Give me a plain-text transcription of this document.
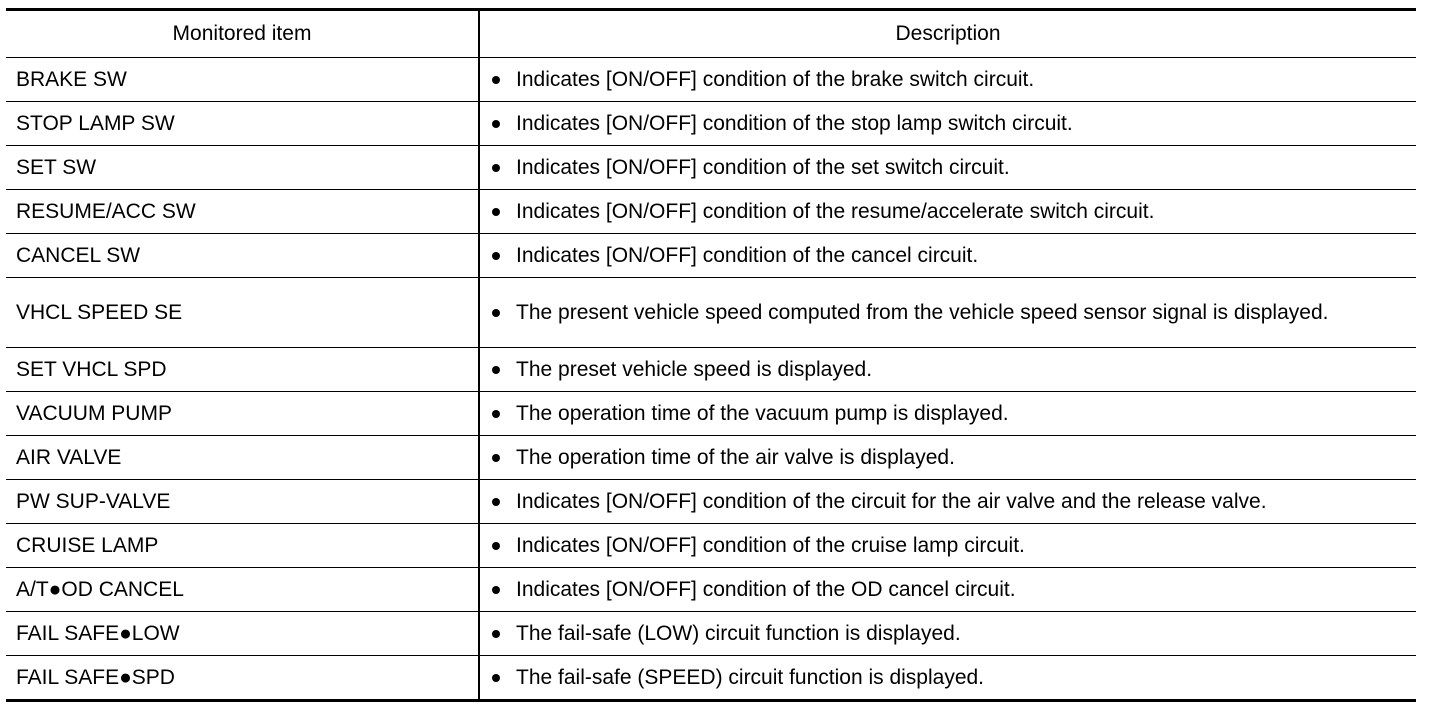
Monitored item	Description
BRAKE SW	Indicates [ON/OFF] condition of the brake switch circuit.
STOP LAMP SW	Indicates [ON/OFF] condition of the stop lamp switch circuit.
SET SW	Indicates [ON/OFF] condition of the set switch circuit.
RESUME/ACC SW	Indicates [ON/OFF] condition of the resume/accelerate switch circuit.
CANCEL SW	Indicates [ON/OFF] condition of the cancel circuit.
VHCL SPEED SE	The present vehicle speed computed from the vehicle speed sensor signal is displayed.
SET VHCL SPD	The preset vehicle speed is displayed.
VACUUM PUMP	The operation time of the vacuum pump is displayed.
AIR VALVE	The operation time of the air valve is displayed.
PW SUP-VALVE	Indicates [ON/OFF] condition of the circuit for the air valve and the release valve.
CRUISE LAMP	Indicates [ON/OFF] condition of the cruise lamp circuit.
A/T●OD CANCEL	Indicates [ON/OFF] condition of the OD cancel circuit.
FAIL SAFE●LOW	The fail-safe (LOW) circuit function is displayed.
FAIL SAFE●SPD	The fail-safe (SPEED) circuit function is displayed.
